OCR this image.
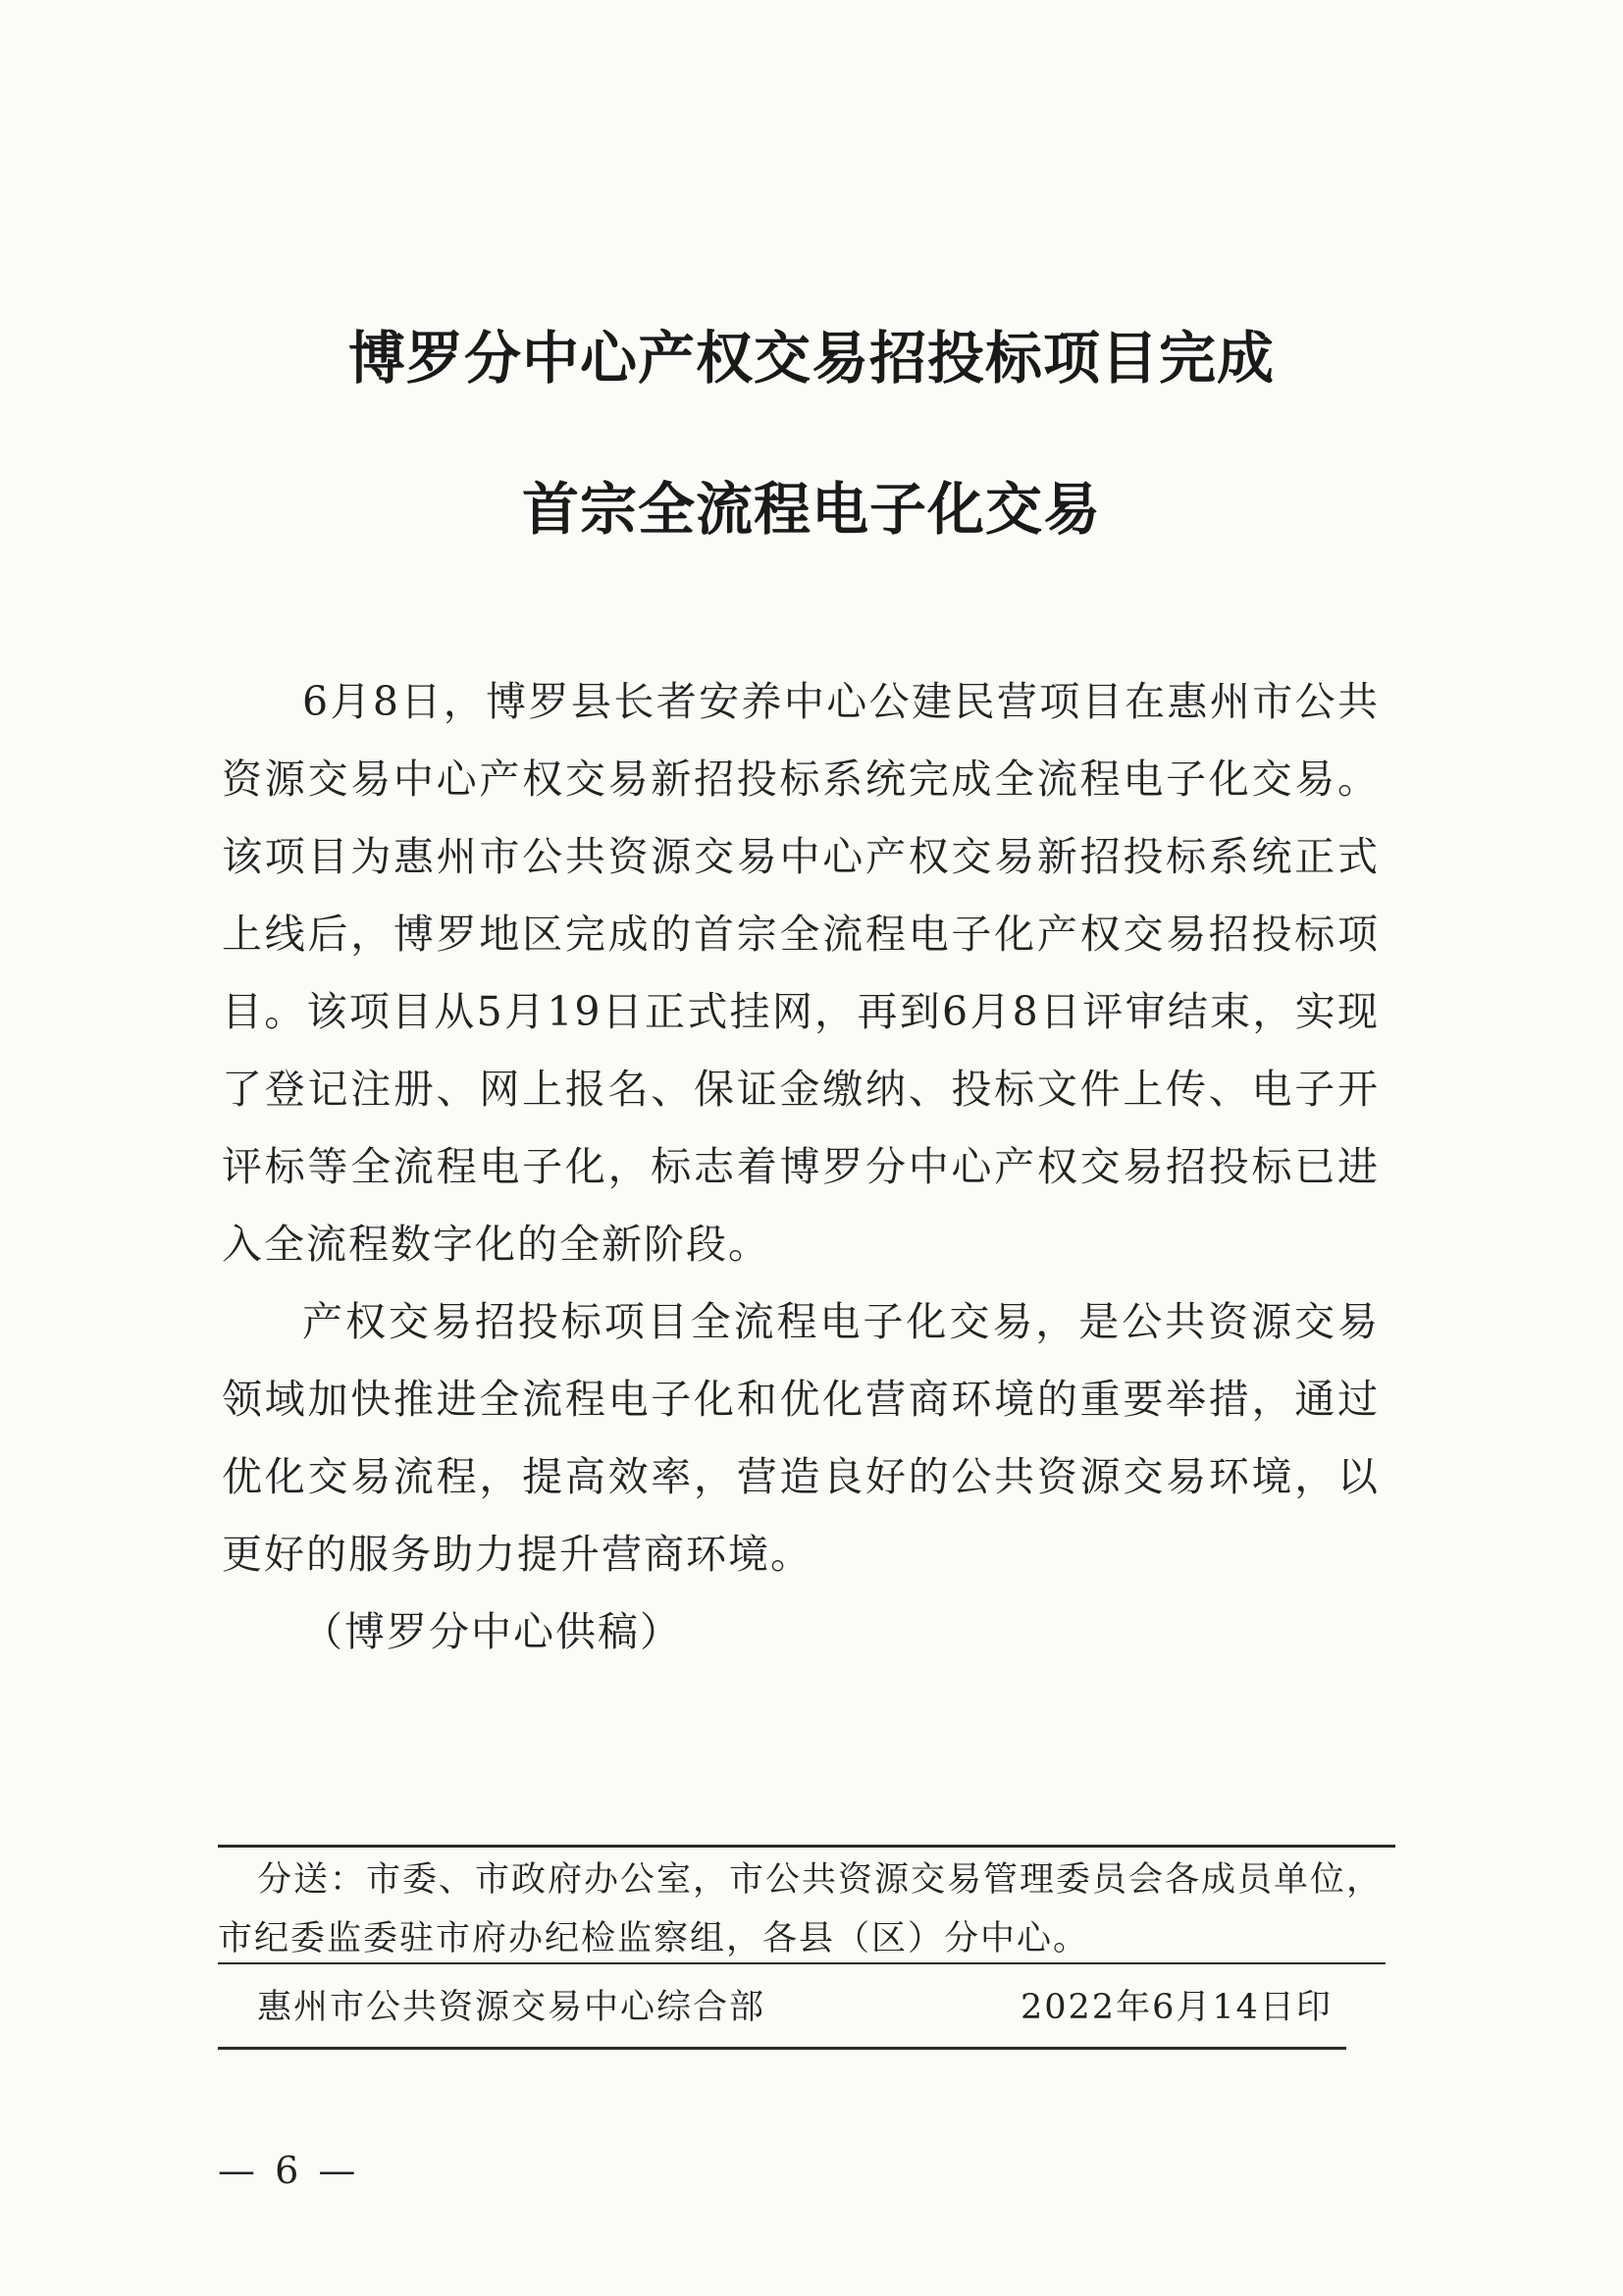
博罗分中心产权交易招投标项目完成
首宗全流程电子化交易

6月8日，博罗县长者安养中心公建民营项目在惠州市公共资源交易中心产权交易新招投标系统完成全流程电子化交易。该项目为惠州市公共资源交易中心产权交易新招投标系统正式上线后，博罗地区完成的首宗全流程电子化产权交易招投标项目。该项目从5月19日正式挂网，再到6月8日评审结束，实现了登记注册、网上报名、保证金缴纳、投标文件上传、电子开评标等全流程电子化，标志着博罗分中心产权交易招投标已进入全流程数字化的全新阶段。

产权交易招投标项目全流程电子化交易，是公共资源交易领域加快推进全流程电子化和优化营商环境的重要举措，通过优化交易流程，提高效率，营造良好的公共资源交易环境，以更好的服务助力提升营商环境。

（博罗分中心供稿）

分送：市委、市政府办公室，市公共资源交易管理委员会各成员单位，
市纪委监委驻市府办纪检监察组，各县（区）分中心。
惠州市公共资源交易中心综合部	2022年6月14日印
— 6 —
